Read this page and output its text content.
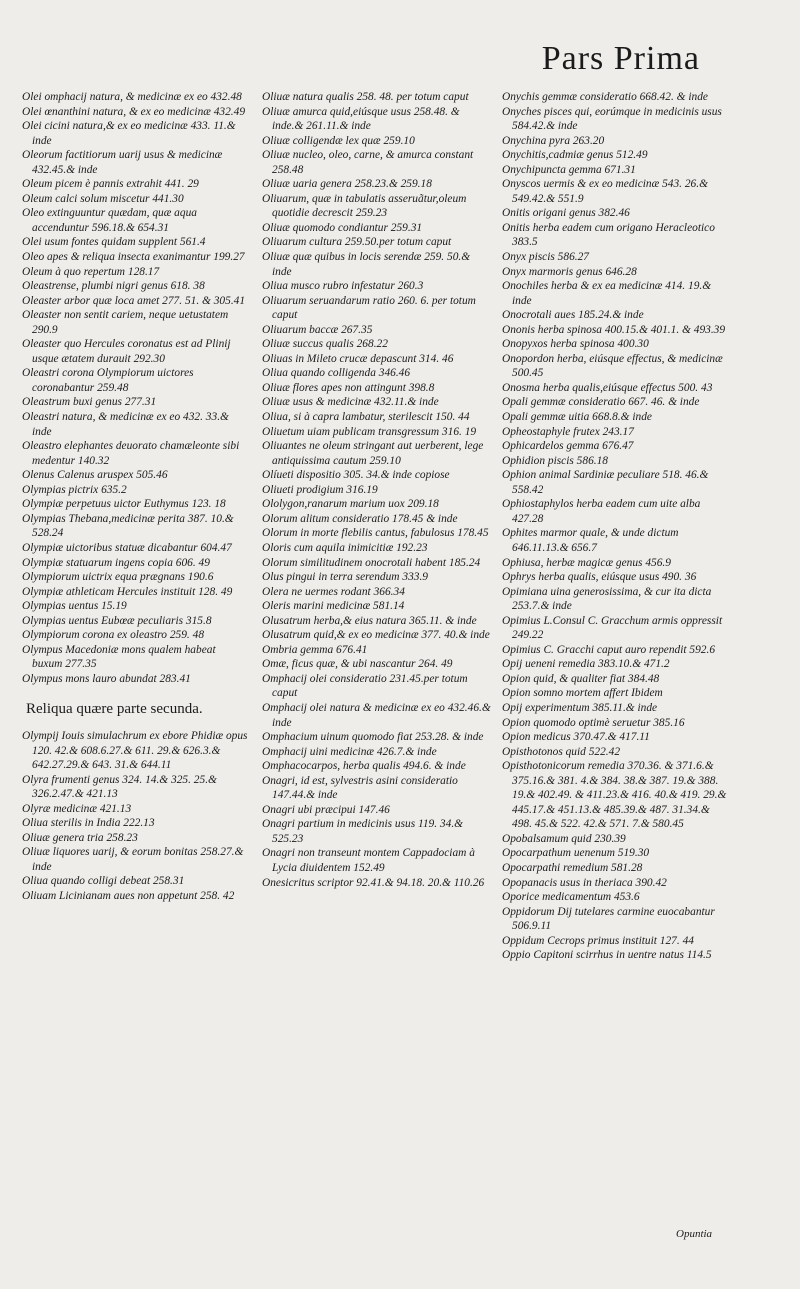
Pars Prima

Olei omphacij natura, & medicinæ ex eo 432.48

Olei œnanthini natura, & ex eo medicinæ 432.49

Olei cicini natura,& ex eo medicinæ 433. 11.& inde

Oleorum factitiorum uarij usus & medicinæ 432.45.& inde

Oleum picem è pannis extrahit 441. 29

Oleum calci solum miscetur 441.30

Oleo extinguuntur quædam, quæ aqua accenduntur 596.18.& 654.31

Olei usum fontes quidam supplent 561.4

Oleo apes & reliqua insecta exanimantur 199.27

Oleum à quo repertum 128.17

Oleastrense, plumbi nigri genus 618. 38

Oleaster arbor quæ loca amet 277. 51. & 305.41

Oleaster non sentit cariem, neque uetustatem 290.9

Oleaster quo Hercules coronatus est ad Plinij usque ætatem durauit 292.30

Oleastri corona Olympiorum uictores coronabantur 259.48

Oleastrum buxi genus 277.31

Oleastri natura, & medicinæ ex eo 432. 33.& inde

Oleastro elephantes deuorato chamæleonte sibi medentur 140.32

Olenus Calenus aruspex 505.46

Olympias pictrix 635.2

Olympiæ perpetuus uictor Euthymus 123. 18

Olympias Thebana,medicinæ perita 387. 10.& 528.24

Olympiæ uictoribus statuæ dicabantur 604.47

Olympiæ statuarum ingens copia 606. 49

Olympiorum uictrix equa prægnans 190.6

Olympiæ athleticam Hercules instituit 128. 49

Olympias uentus 15.19

Olympias uentus Eubœæ peculiaris 315.8

Olympiorum corona ex oleastro 259. 48

Olympus Macedoniæ mons qualem habeat buxum 277.35

Olympus mons lauro abundat 283.41

Reliqua quære parte secunda.

Olympij Iouis simulachrum ex ebore Phidiæ opus 120. 42.& 608.6.27.& 611. 29.& 626.3.& 642.27.29.& 643. 31.& 644.11

Olyra frumenti genus 324. 14.& 325. 25.& 326.2.47.& 421.13

Olyræ medicinæ 421.13

Oliua sterilis in India 222.13

Oliuæ genera tria 258.23

Oliuæ liquores uarij, & eorum bonitas 258.27.& inde

Oliua quando colligi debeat 258.31

Oliuam Licinianam aues non appetunt 258. 42

Oliuæ natura qualis 258. 48. per totum caput

Oliuæ amurca quid,eiúsque usus 258.48. & inde.& 261.11.& inde

Oliuæ colligendæ lex quæ 259.10

Oliuæ nucleo, oleo, carne, & amurca constant 258.48

Oliuæ uaria genera 258.23.& 259.18

Oliuarum, quæ in tabulatis asseruãtur,oleum quotidie decrescit 259.23

Oliuæ quomodo condiantur 259.31

Oliuarum cultura 259.50.per totum caput

Oliuæ quæ quibus in locis serendæ 259. 50.& inde

Oliua musco rubro infestatur 260.3

Oliuarum seruandarum ratio 260. 6. per totum caput

Oliuarum baccæ 267.35

Oliuæ succus qualis 268.22

Oliuas in Mileto crucæ depascunt 314. 46

Oliua quando colligenda 346.46

Oliuæ flores apes non attingunt 398.8

Oliuæ usus & medicinæ 432.11.& inde

Oliua, si à capra lambatur, sterilescit 150. 44

Oliuetum uiam publicam transgressum 316. 19

Oliuantes ne oleum stringant aut uerberent, lege antiquissima cautum 259.10

Olíueti dispositio 305. 34.& inde copiose

Oliueti prodigium 316.19

Ololygon,ranarum marium uox 209.18

Olorum alitum consideratio 178.45 & inde

Olorum in morte flebilis cantus, fabulosus 178.45

Oloris cum aquila inimicitiæ 192.23

Olorum similitudinem onocrotali habent 185.24

Olus pingui in terra serendum 333.9

Olera ne uermes rodant 366.34

Oleris marini medicinæ 581.14

Olusatrum herba,& eius natura 365.11. & inde

Olusatrum quid,& ex eo medicinæ 377. 40.& inde

Ombria gemma 676.41

Omæ, ficus quæ, & ubi nascantur 264. 49

Omphacij olei consideratio 231.45.per totum caput

Omphacij olei natura & medicinæ ex eo 432.46.& inde

Omphacium uinum quomodo fiat 253.28. & inde

Omphacij uini medicinæ 426.7.& inde

Omphacocarpos, herba qualis 494.6. & inde

Onagri, id est, sylvestris asini consideratio 147.44.& inde

Onagri ubi præcipui 147.46

Onagri partium in medicinis usus 119. 34.& 525.23

Onagri non transeunt montem Cappadociam à Lycia diuidentem 152.49

Onesicritus scriptor 92.41.& 94.18. 20.& 110.26

Onychis gemmæ consideratio 668.42. & inde

Onyches pisces qui, eorúmque in medicinis usus 584.42.& inde

Onychina pyra 263.20

Onychitis,cadmiæ genus 512.49

Onychipuncta gemma 671.31

Onyscos uermis & ex eo medicinæ 543. 26.& 549.42.& 551.9

Onitis origani genus 382.46

Onitis herba eadem cum origano Heracleotico 383.5

Onyx piscis 586.27

Onyx marmoris genus 646.28

Onochiles herba & ex ea medicinæ 414. 19.& inde

Onocrotali aues 185.24.& inde

Ononis herba spinosa 400.15.& 401.1. & 493.39

Onopyxos herba spinosa 400.30

Onopordon herba, eiúsque effectus, & medicinæ 500.45

Onosma herba qualis,eiúsque effectus 500. 43

Opali gemmæ consideratio 667. 46. & inde

Opali gemmæ uitia 668.8.& inde

Opheostaphyle frutex 243.17

Ophicardelos gemma 676.47

Ophidion piscis 586.18

Ophion animal Sardiniæ peculiare 518. 46.& 558.42

Ophiostaphylos herba eadem cum uite alba 427.28

Ophites marmor quale, & unde dictum 646.11.13.& 656.7

Ophiusa, herbæ magicæ genus 456.9

Ophrys herba qualis, eiúsque usus 490. 36

Opimiana uina generosissima, & cur ita dicta 253.7.& inde

Opimius L.Consul C. Gracchum armis oppressit 249.22

Opimius C. Gracchi caput auro rependit 592.6

Opij ueneni remedia 383.10.& 471.2

Opion quid, & qualiter fiat 384.48

Opion somno mortem affert Ibidem

Opij experimentum 385.11.& inde

Opion quomodo optimè seruetur 385.16

Opion medicus 370.47.& 417.11

Opisthotonos quid 522.42

Opisthotonicorum remedia 370.36. & 371.6.& 375.16.& 381. 4.& 384. 38.& 387. 19.& 388. 19.& 402.49. & 411.23.& 416. 40.& 419. 29.& 445.17.& 451.13.& 485.39.& 487. 31.34.& 498. 45.& 522. 42.& 571. 7.& 580.45

Opobalsamum quid 230.39

Opocarpathum uenenum 519.30

Opocarpathi remedium 581.28

Opopanacis usus in theriaca 390.42

Oporice medicamentum 453.6

Oppidorum Dij tutelares carmine euocabantur 506.9.11

Oppidum Cecrops primus instituit 127. 44

Oppio Capitoni scirrhus in uentre natus 114.5

Opuntia
